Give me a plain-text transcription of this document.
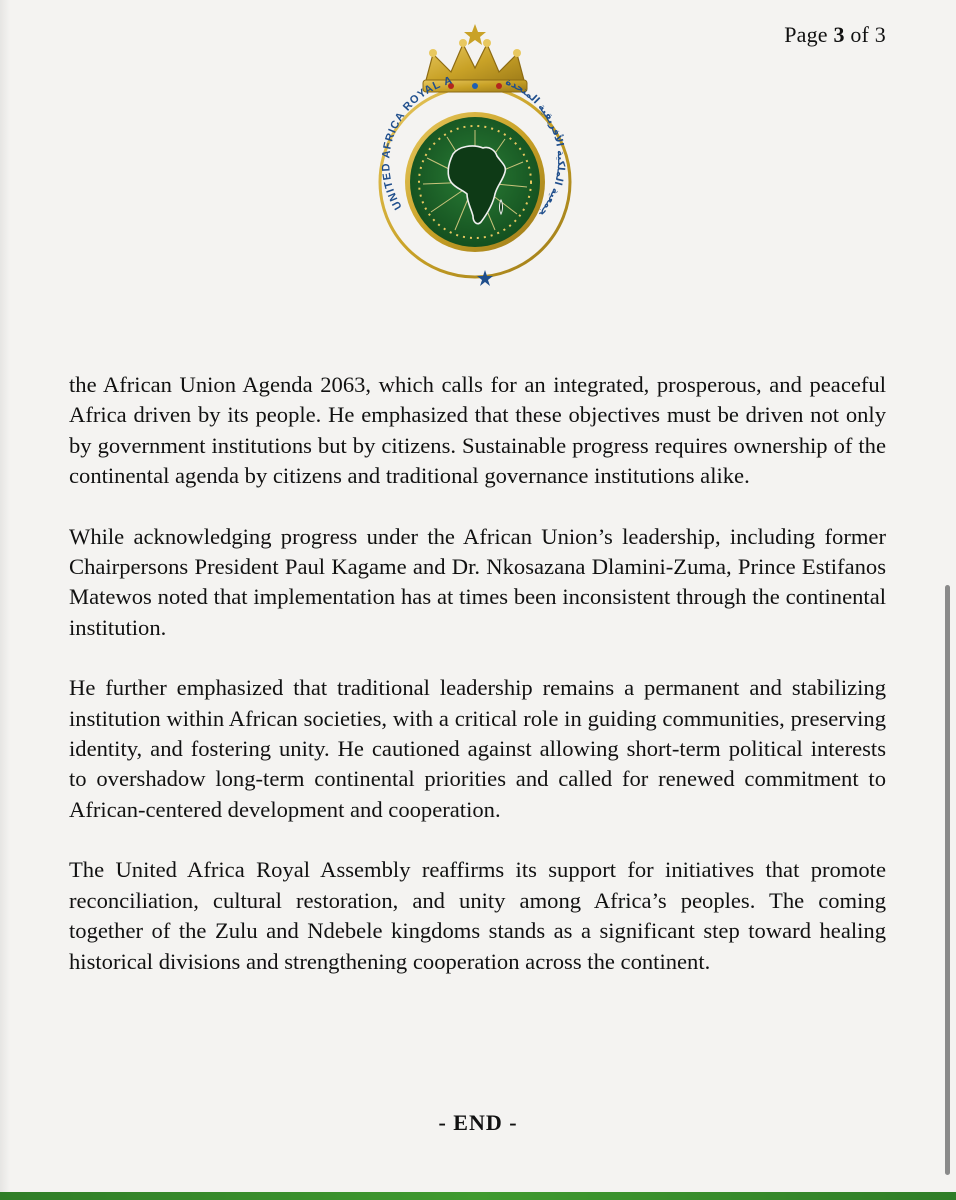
Page 3 of 3
UNITED AFRICA ROYAL A
جمعية الملكية الأفريقية المتحدة

the African Union Agenda 2063, which calls for an integrated, prosperous, and peaceful Africa driven by its people. He emphasized that these objectives must be driven not only by government institutions but by citizens. Sustainable progress requires ownership of the continental agenda by citizens and traditional governance institutions alike.

While acknowledging progress under the African Union’s leadership, including former Chairpersons President Paul Kagame and Dr. Nkosazana Dlamini-Zuma, Prince Estifanos Matewos noted that implementation has at times been inconsistent through the continental institution.

He further emphasized that traditional leadership remains a permanent and stabilizing institution within African societies, with a critical role in guiding communities, preserving identity, and fostering unity. He cautioned against allowing short-term political interests to overshadow long-term continental priorities and called for renewed commitment to African-centered development and cooperation.

The United Africa Royal Assembly reaffirms its support for initiatives that promote reconciliation, cultural restoration, and unity among Africa’s peoples. The coming together of the Zulu and Ndebele kingdoms stands as a significant step toward healing historical divisions and strengthening cooperation across the continent.

- END -
